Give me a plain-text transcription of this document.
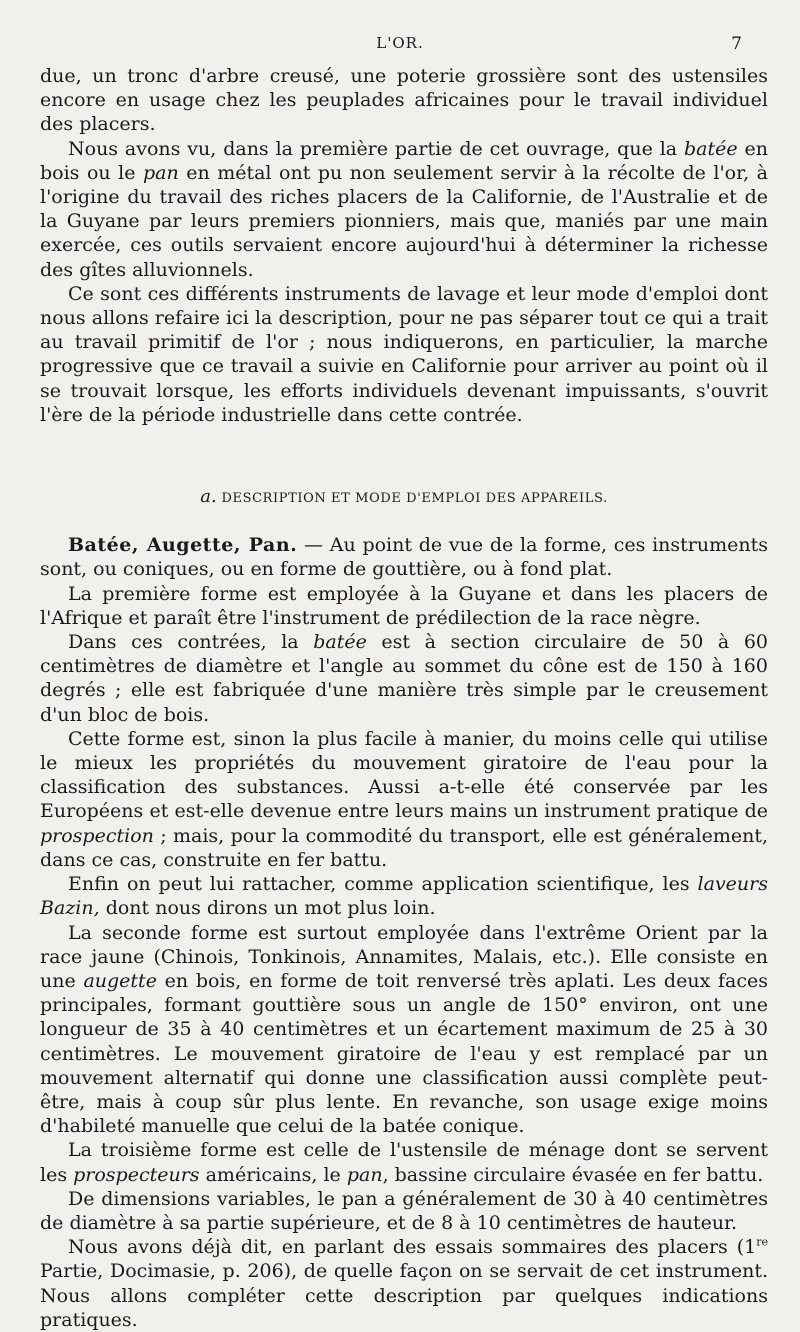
L'OR.	7

due, un tronc d'arbre creusé, une poterie grossière sont des ustensiles encore en usage chez les peuplades africaines pour le travail individuel des placers.

Nous avons vu, dans la première partie de cet ouvrage, que la batée en bois ou le pan en métal ont pu non seulement servir à la récolte de l'or, à l'origine du travail des riches placers de la Californie, de l'Australie et de la Guyane par leurs premiers pionniers, mais que, maniés par une main exercée, ces outils servaient encore aujourd'hui à déterminer la richesse des gîtes alluvionnels.

Ce sont ces différents instruments de lavage et leur mode d'emploi dont nous allons refaire ici la description, pour ne pas séparer tout ce qui a trait au travail primitif de l'or ; nous indiquerons, en particulier, la marche progressive que ce travail a suivie en Californie pour arriver au point où il se trouvait lorsque, les efforts individuels devenant impuissants, s'ouvrit l'ère de la période industrielle dans cette contrée.

a. DESCRIPTION ET MODE D'EMPLOI DES APPAREILS.

Batée, Augette, Pan. — Au point de vue de la forme, ces instruments sont, ou coniques, ou en forme de gouttière, ou à fond plat.

La première forme est employée à la Guyane et dans les placers de l'Afrique et paraît être l'instrument de prédilection de la race nègre.

Dans ces contrées, la batée est à section circulaire de 50 à 60 centimètres de diamètre et l'angle au sommet du cône est de 150 à 160 degrés ; elle est fabriquée d'une manière très simple par le creusement d'un bloc de bois.

Cette forme est, sinon la plus facile à manier, du moins celle qui utilise le mieux les propriétés du mouvement giratoire de l'eau pour la classification des substances. Aussi a-t-elle été conservée par les Européens et est-elle devenue entre leurs mains un instrument pratique de prospection ; mais, pour la commodité du transport, elle est généralement, dans ce cas, construite en fer battu.

Enfin on peut lui rattacher, comme application scientifique, les laveurs Bazin, dont nous dirons un mot plus loin.

La seconde forme est surtout employée dans l'extrême Orient par la race jaune (Chinois, Tonkinois, Annamites, Malais, etc.). Elle consiste en une augette en bois, en forme de toit renversé très aplati. Les deux faces principales, formant gouttière sous un angle de 150° environ, ont une longueur de 35 à 40 centimètres et un écartement maximum de 25 à 30 centimètres. Le mouvement giratoire de l'eau y est remplacé par un mouvement alternatif qui donne une classification aussi complète peut-être, mais à coup sûr plus lente. En revanche, son usage exige moins d'habileté manuelle que celui de la batée conique.

La troisième forme est celle de l'ustensile de ménage dont se servent les prospecteurs américains, le pan, bassine circulaire évasée en fer battu.

De dimensions variables, le pan a généralement de 30 à 40 centimètres de diamètre à sa partie supérieure, et de 8 à 10 centimètres de hauteur.

Nous avons déjà dit, en parlant des essais sommaires des placers (1re Partie, Docimasie, p. 206), de quelle façon on se servait de cet instrument. Nous allons compléter cette description par quelques indications pratiques.
